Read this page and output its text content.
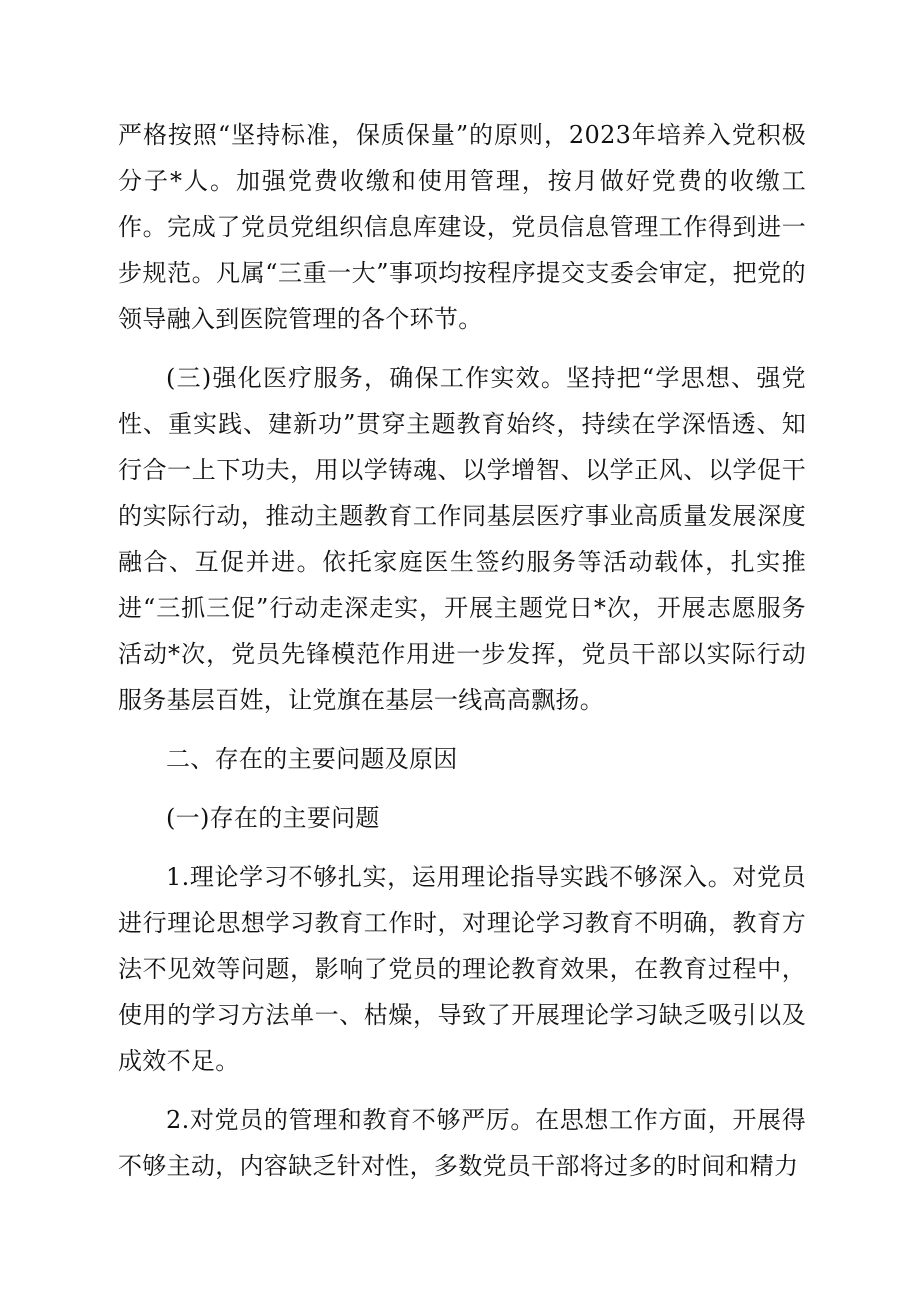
严格按照“坚持标准，保质保量”的原则，2023年培养入党积极分子*人。加强党费收缴和使用管理，按月做好党费的收缴工作。完成了党员党组织信息库建设，党员信息管理工作得到进一步规范。凡属“三重一大”事项均按程序提交支委会审定，把党的领导融入到医院管理的各个环节。

(三)强化医疗服务，确保工作实效。坚持把“学思想、强党性、重实践、建新功”贯穿主题教育始终，持续在学深悟透、知行合一上下功夫，用以学铸魂、以学增智、以学正风、以学促干的实际行动，推动主题教育工作同基层医疗事业高质量发展深度融合、互促并进。依托家庭医生签约服务等活动载体，扎实推进“三抓三促”行动走深走实，开展主题党日*次，开展志愿服务活动*次，党员先锋模范作用进一步发挥，党员干部以实际行动服务基层百姓，让党旗在基层一线高高飘扬。

二、存在的主要问题及原因

(一)存在的主要问题

1.理论学习不够扎实，运用理论指导实践不够深入。对党员进行理论思想学习教育工作时，对理论学习教育不明确，教育方法不见效等问题，影响了党员的理论教育效果，在教育过程中，使用的学习方法单一、枯燥，导致了开展理论学习缺乏吸引以及成效不足。

2.对党员的管理和教育不够严厉。在思想工作方面，开展得不够主动，内容缺乏针对性，多数党员干部将过多的时间和精力
